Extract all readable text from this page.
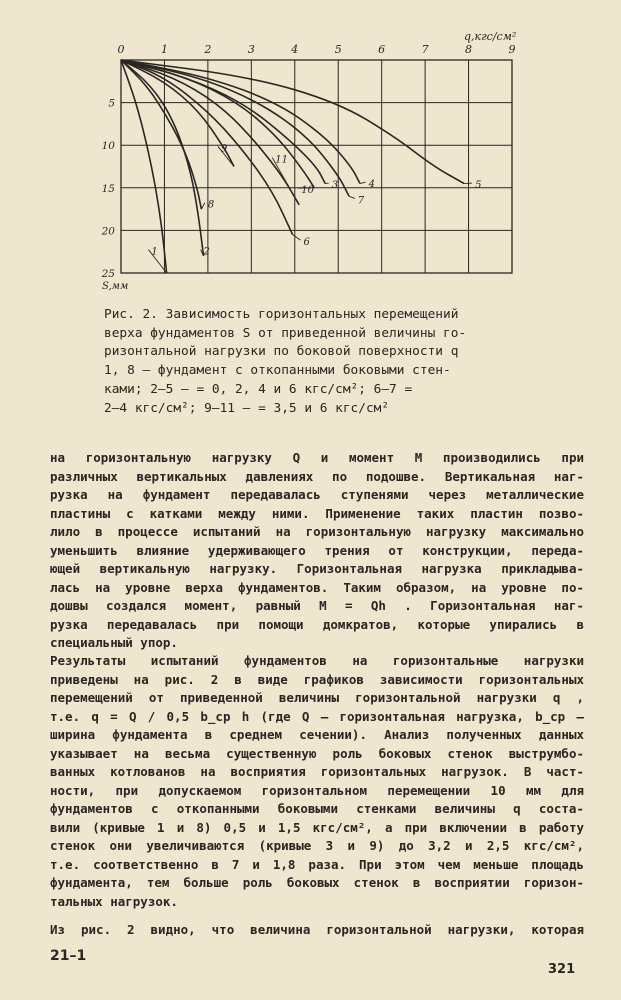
0	1	2	3	4	5	6	7	8	9
5
10
15
20
25
1
8
2
9
6
11
10 3
7
4	5
q,кгс/см²
S,мм
Рис. 2. Зависимость горизонтальных перемещений
верха фундаментов S от приведенной величины го-
ризонтальной нагрузки по боковой поверхности q
1, 8 – фундамент с откопанными боковыми стен-
ками; 2–5 – = 0, 2, 4 и 6 кгс/см²; 6–7 =
2–4 кгс/см²; 9–11 – = 3,5 и 6 кгс/см²
на горизонтальную нагрузку Q и момент M производились при
различных вертикальных давлениях по подошве. Вертикальная наг-
рузка на фундамент передавалась ступенями через металлические
пластины с катками между ними. Применение таких пластин позво-
лило в процессе испытаний на горизонтальную нагрузку максимально
уменьшить влияние удерживающего трения от конструкции, переда-
ющей вертикальную нагрузку. Горизонтальная нагрузка прикладыва-
лась на уровне верха фундаментов. Таким образом, на уровне по-
дошвы создался момент, равный M = Qh . Горизонтальная наг-
рузка передавалась при помощи домкратов, которые упирались в
специальный упор.
Результаты испытаний фундаментов на горизонтальные нагрузки
приведены на рис. 2 в виде графиков зависимости горизонтальных
перемещений от приведенной величины горизонтальной нагрузки q ,
т.е. q = Q / 0,5 b_cp h (где Q – горизонтальная нагрузка, b_cp –
ширина фундамента в среднем сечении). Анализ полученных данных
указывает на весьма существенную роль боковых стенок выструмбо-
ванных котлованов на восприятия горизонтальных нагрузок. В част-
ности, при допускаемом горизонтальном перемещении 10 мм для
фундаментов с откопанными боковыми стенками величины q соста-
вили (кривые 1 и 8) 0,5 и 1,5 кгс/см², а при включении в работу
стенок они увеличиваются (кривые 3 и 9) до 3,2 и 2,5 кгс/см²,
т.е. соответственно в 7 и 1,8 раза. При этом чем меньше площадь
фундамента, тем больше роль боковых стенок в восприятии горизон-
тальных нагрузок.
Из рис. 2 видно, что величина горизонтальной нагрузки, которая
21–1
321
